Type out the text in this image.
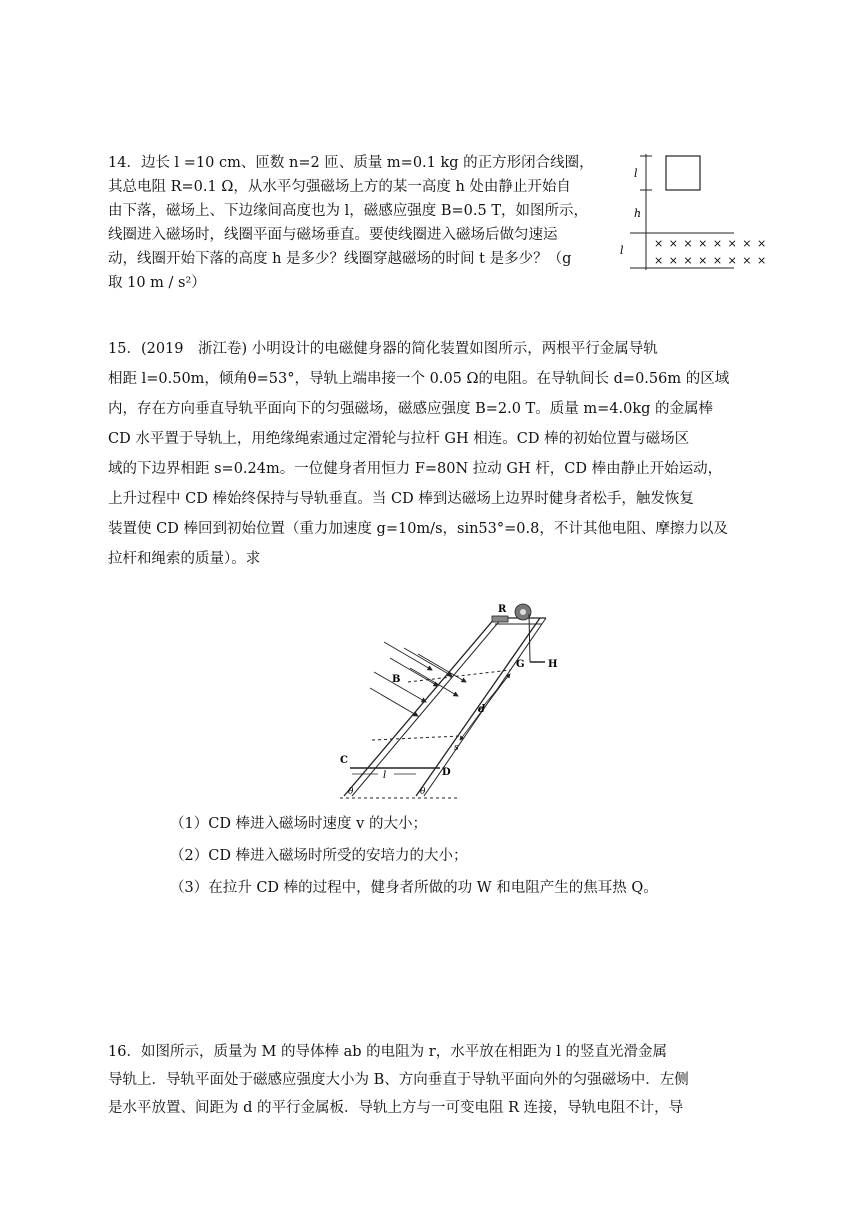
14．边长 l =10 cm、匝数 n=2 匝、质量 m=0.1 kg 的正方形闭合线圈，
其总电阻 R=0.1 Ω，从水平匀强磁场上方的某一高度 h 处由静止开始自
由下落，磁场上、下边缘间高度也为 l，磁感应强度 B=0.5 T，如图所示，
线圈进入磁场时，线圈平面与磁场垂直。要使线圈进入磁场后做匀速运
动，线圈开始下落的高度 h 是多少？线圈穿越磁场的时间 t 是多少？（g
取 10 m / s²）
l
h
l
× × × × × × × ×
× × × × × × × ×
15．(2019　浙江卷) 小明设计的电磁健身器的简化装置如图所示，两根平行金属导轨
相距 l=0.50m，倾角θ=53°，导轨上端串接一个 0.05 Ω的电阻。在导轨间长 d=0.56m 的区域
内，存在方向垂直导轨平面向下的匀强磁场，磁感应强度 B=2.0 T。质量 m=4.0kg 的金属棒
CD 水平置于导轨上，用绝缘绳索通过定滑轮与拉杆 GH 相连。CD 棒的初始位置与磁场区
域的下边界相距 s=0.24m。一位健身者用恒力 F=80N 拉动 GH 杆，CD 棒由静止开始运动，
上升过程中 CD 棒始终保持与导轨垂直。当 CD 棒到达磁场上边界时健身者松手，触发恢复
装置使 CD 棒回到初始位置（重力加速度 g=10m/s，sin53°=0.8，不计其他电阻、摩擦力以及
拉杆和绳索的质量）。求
R
G H
B
d
s
C
D
l
θ	θ
（1）CD 棒进入磁场时速度 v 的大小；
（2）CD 棒进入磁场时所受的安培力的大小；
（3）在拉升 CD 棒的过程中，健身者所做的功 W 和电阻产生的焦耳热 Q。
16．如图所示，质量为 M 的导体棒 ab 的电阻为 r，水平放在相距为 l 的竖直光滑金属
导轨上．导轨平面处于磁感应强度大小为 B、方向垂直于导轨平面向外的匀强磁场中．左侧
是水平放置、间距为 d 的平行金属板．导轨上方与一可变电阻 R 连接，导轨电阻不计，导
